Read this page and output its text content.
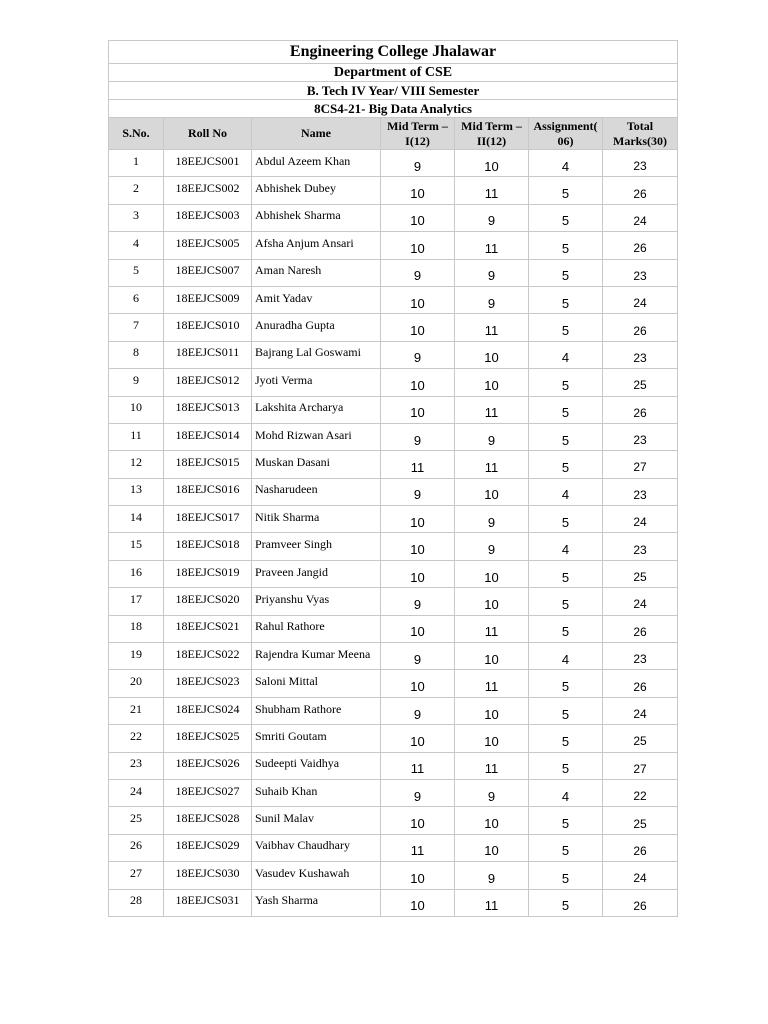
Engineering College Jhalawar						
Department of CSE						
B. Tech IV Year/ VIII Semester						
8CS4-21- Big Data Analytics						
S.No.	Roll No	Name	Mid Term – I(12)	Mid Term – II(12)	Assignment( 06)	Total Marks(30)
1	18EEJCS001	Abdul Azeem Khan	9	10	4	23
2	18EEJCS002	Abhishek Dubey	10	11	5	26
3	18EEJCS003	Abhishek Sharma	10	9	5	24
4	18EEJCS005	Afsha Anjum Ansari	10	11	5	26
5	18EEJCS007	Aman Naresh	9	9	5	23
6	18EEJCS009	Amit Yadav	10	9	5	24
7	18EEJCS010	Anuradha Gupta	10	11	5	26
8	18EEJCS011	Bajrang Lal Goswami	9	10	4	23
9	18EEJCS012	Jyoti Verma	10	10	5	25
10	18EEJCS013	Lakshita Archarya	10	11	5	26
11	18EEJCS014	Mohd Rizwan Asari	9	9	5	23
12	18EEJCS015	Muskan Dasani	11	11	5	27
13	18EEJCS016	Nasharudeen	9	10	4	23
14	18EEJCS017	Nitik Sharma	10	9	5	24
15	18EEJCS018	Pramveer Singh	10	9	4	23
16	18EEJCS019	Praveen Jangid	10	10	5	25
17	18EEJCS020	Priyanshu Vyas	9	10	5	24
18	18EEJCS021	Rahul Rathore	10	11	5	26
19	18EEJCS022	Rajendra Kumar Meena	9	10	4	23
20	18EEJCS023	Saloni Mittal	10	11	5	26
21	18EEJCS024	Shubham Rathore	9	10	5	24
22	18EEJCS025	Smriti Goutam	10	10	5	25
23	18EEJCS026	Sudeepti Vaidhya	11	11	5	27
24	18EEJCS027	Suhaib Khan	9	9	4	22
25	18EEJCS028	Sunil Malav	10	10	5	25
26	18EEJCS029	Vaibhav Chaudhary	11	10	5	26
27	18EEJCS030	Vasudev Kushawah	10	9	5	24
28	18EEJCS031	Yash Sharma	10	11	5	26
